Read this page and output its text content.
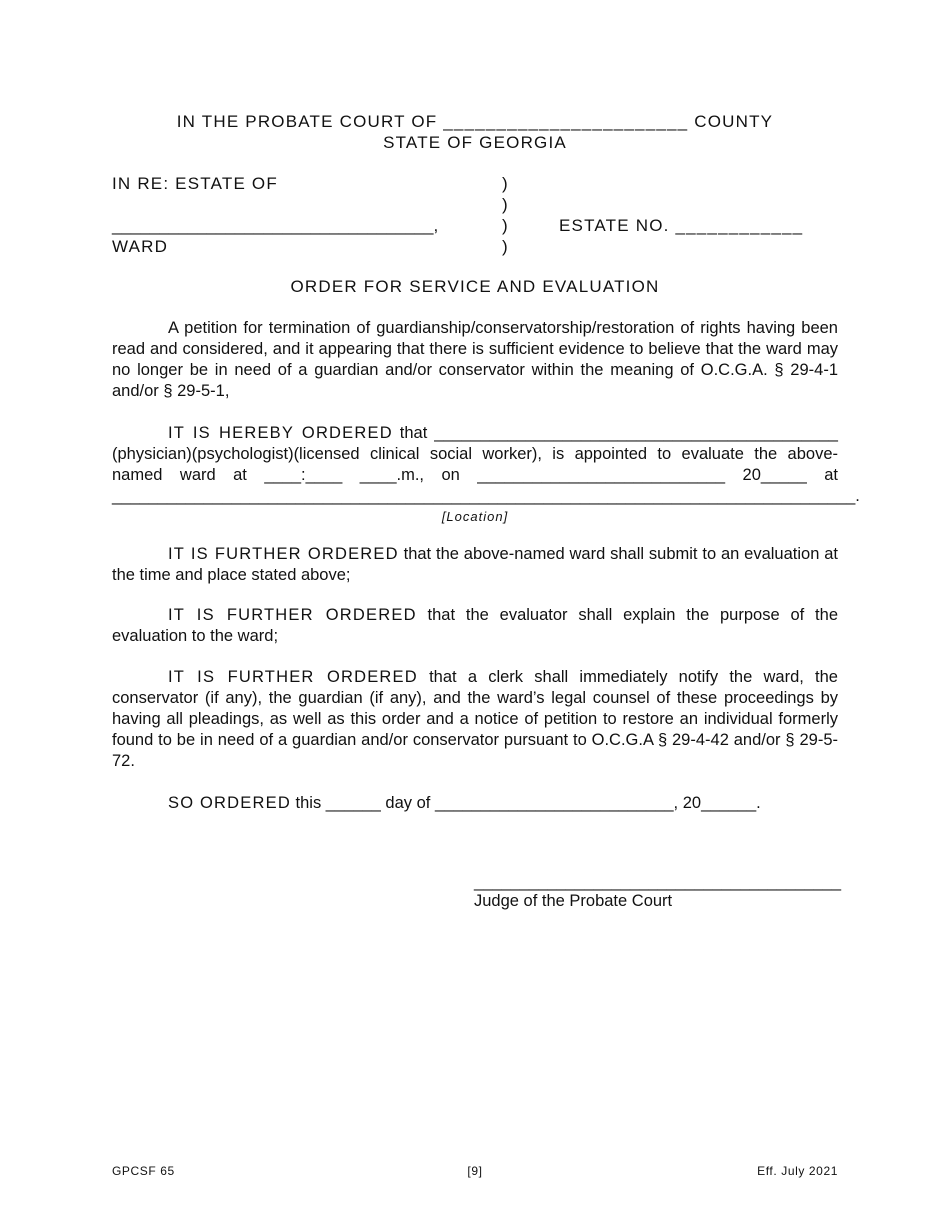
IN THE PROBATE COURT OF _______________________ COUNTY
STATE OF GEORGIA
IN RE: ESTATE OF
__________________________________,
WARD
)
)
)
)
ESTATE NO. ____________
ORDER FOR SERVICE AND EVALUATION
A petition for termination of guardianship/conservatorship/restoration of rights having been read and considered, and it appearing that there is sufficient evidence to believe that the ward may no longer be in need of a guardian and/or conservator within the meaning of O.C.G.A. § 29-4-1 and/or § 29-5-1,
IT IS HEREBY ORDERED that ____________________________________________
(physician)(psychologist)(licensed clinical social worker), is appointed to evaluate the above-
named ward at ____:____ ____.m., on ___________________________ 20_____ at
_________________________________________________________________________________.
[Location]
IT IS FURTHER ORDERED that the above-named ward shall submit to an evaluation at the time and place stated above;
IT IS FURTHER ORDERED that the evaluator shall explain the purpose of the evaluation to the ward;
IT IS FURTHER ORDERED that a clerk shall immediately notify the ward, the conservator (if any), the guardian (if any), and the ward’s legal counsel of these proceedings by having all pleadings, as well as this order and a notice of petition to restore an individual formerly found to be in need of a guardian and/or conservator pursuant to O.C.G.A § 29-4-42 and/or § 29-5-72.
SO ORDERED this ______ day of __________________________, 20______.
________________________________________
Judge of the Probate Court
GPCSF 65	[9]	Eff. July 2021
